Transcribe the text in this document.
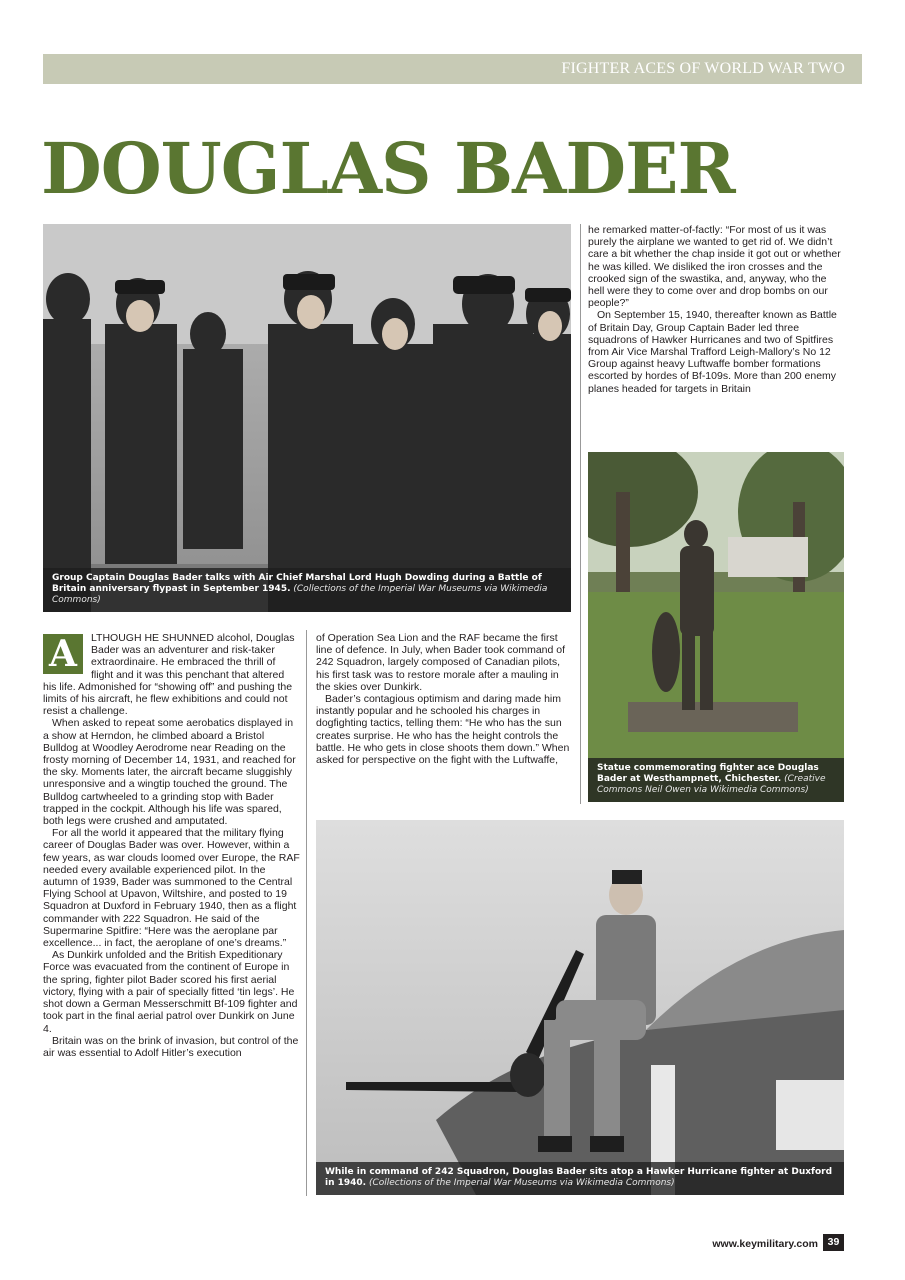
FIGHTER ACES OF WORLD WAR TWO
DOUGLAS BADER
Group Captain Douglas Bader talks with Air Chief Marshal Lord Hugh Dowding during a Battle of Britain anniversary flypast in September 1945. (Collections of the Imperial War Museums via Wikimedia Commons)
Statue commemorating fighter ace Douglas Bader at Westhampnett, Chichester. (Creative Commons Neil Owen via Wikimedia Commons)
While in command of 242 Squadron, Douglas Bader sits atop a Hawker Hurricane fighter at Duxford in 1940. (Collections of the Imperial War Museums via Wikimedia Commons)
A	LTHOUGH HE SHUNNED alcohol, Douglas Bader was an adventurer and risk-taker extraordinaire. He embraced the thrill of flight and it was this penchant that altered his life. Admonished for “showing off” and pushing the limits of his aircraft, he flew exhibitions and could not resist a challenge.

When asked to repeat some aerobatics displayed in a show at Herndon, he climbed aboard a Bristol Bulldog at Woodley Aerodrome near Reading on the frosty morning of December 14, 1931, and reached for the sky. Moments later, the aircraft became sluggishly unresponsive and a wingtip touched the ground. The Bulldog cartwheeled to a grinding stop with Bader trapped in the cockpit. Although his life was spared, both legs were crushed and amputated.

For all the world it appeared that the military flying career of Douglas Bader was over. However, within a few years, as war clouds loomed over Europe, the RAF needed every available experienced pilot. In the autumn of 1939, Bader was summoned to the Central Flying School at Upavon, Wiltshire, and posted to 19 Squadron at Duxford in February 1940, then as a flight commander with 222 Squadron. He said of the Supermarine Spitfire: “Here was the aeroplane par excellence... in fact, the aeroplane of one’s dreams.”

As Dunkirk unfolded and the British Expeditionary Force was evacuated from the continent of Europe in the spring, fighter pilot Bader scored his first aerial victory, flying with a pair of specially fitted ‘tin legs’. He shot down a German Messerschmitt Bf-109 fighter and took part in the final aerial patrol over Dunkirk on June 4.

Britain was on the brink of invasion, but control of the air was essential to Adolf Hitler’s execution

of Operation Sea Lion and the RAF became the first line of defence. In July, when Bader took command of 242 Squadron, largely composed of Canadian pilots, his first task was to restore morale after a mauling in the skies over Dunkirk.

Bader’s contagious optimism and daring made him instantly popular and he schooled his charges in dogfighting tactics, telling them: “He who has the sun creates surprise. He who has the height controls the battle. He who gets in close shoots them down.” When asked for perspective on the fight with the Luftwaffe,

he remarked matter-of-factly: “For most of us it was purely the airplane we wanted to get rid of. We didn’t care a bit whether the chap inside it got out or whether he was killed. We disliked the iron crosses and the crooked sign of the swastika, and, anyway, who the hell were they to come over and drop bombs on our people?”

On September 15, 1940, thereafter known as Battle of Britain Day, Group Captain Bader led three squadrons of Hawker Hurricanes and two of Spitfires from Air Vice Marshal Trafford Leigh-Mallory’s No 12 Group against heavy Luftwaffe bomber formations escorted by hordes of Bf-109s. More than 200 enemy planes headed for targets in Britain

www.keymilitary.com 39
